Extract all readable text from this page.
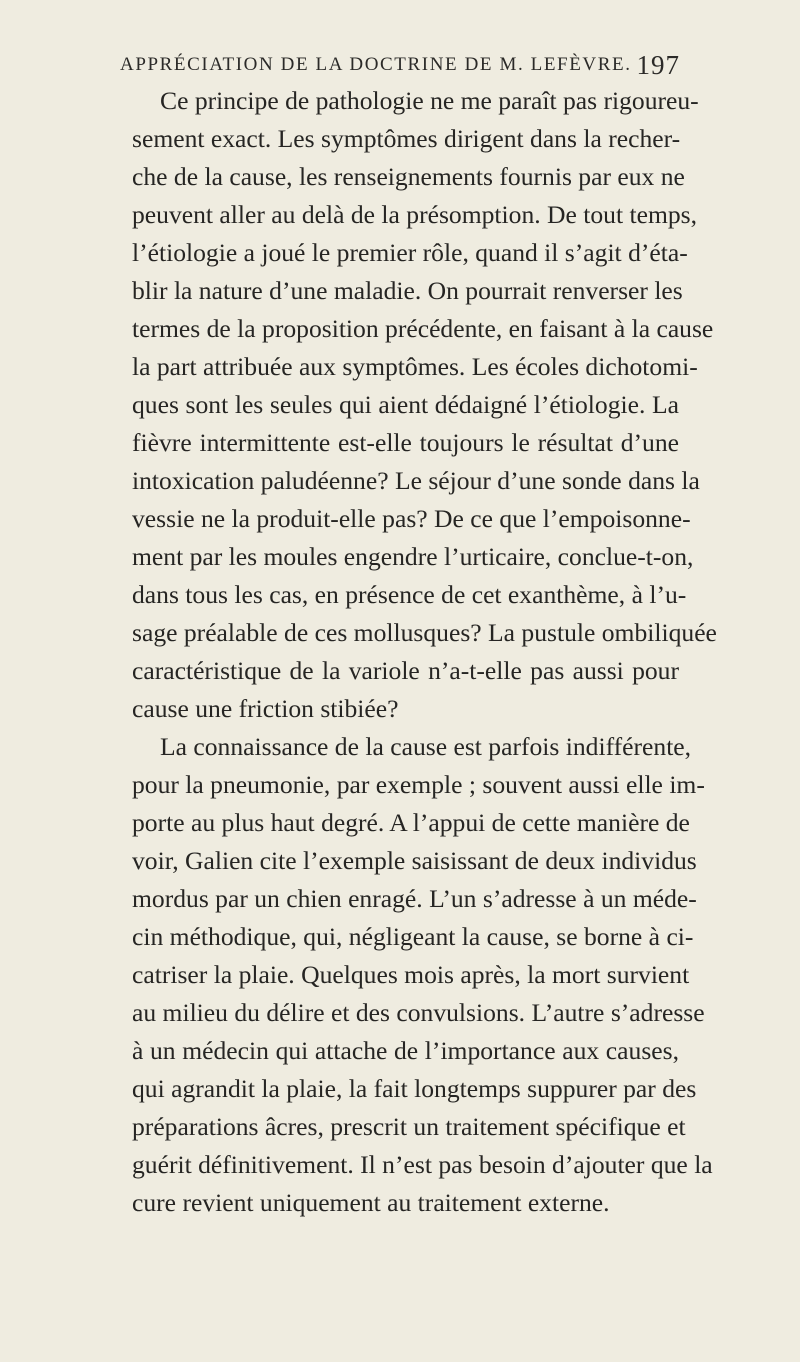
APPRÉCIATION DE LA DOCTRINE DE M. LEFÈVRE. 197
Ce principe de pathologie ne me paraît pas rigoureu-
sement exact. Les symptômes dirigent dans la recher-
che de la cause, les renseignements fournis par eux ne
peuvent aller au delà de la présomption. De tout temps,
l’étiologie a joué le premier rôle, quand il s’agit d’éta-
blir la nature d’une maladie. On pourrait renverser les
termes de la proposition précédente, en faisant à la cause
la part attribuée aux symptômes. Les écoles dichotomi-
ques sont les seules qui aient dédaigné l’étiologie. La
fièvre intermittente est-elle toujours le résultat d’une
intoxication paludéenne? Le séjour d’une sonde dans la
vessie ne la produit-elle pas? De ce que l’empoisonne-
ment par les moules engendre l’urticaire, conclue-t-on,
dans tous les cas, en présence de cet exanthème, à l’u-
sage préalable de ces mollusques? La pustule ombiliquée
caractéristique de la variole n’a-t-elle pas aussi pour
cause une friction stibiée?
La connaissance de la cause est parfois indifférente,
pour la pneumonie, par exemple ; souvent aussi elle im-
porte au plus haut degré. A l’appui de cette manière de
voir, Galien cite l’exemple saisissant de deux individus
mordus par un chien enragé. L’un s’adresse à un méde-
cin méthodique, qui, négligeant la cause, se borne à ci-
catriser la plaie. Quelques mois après, la mort survient
au milieu du délire et des convulsions. L’autre s’adresse
à un médecin qui attache de l’importance aux causes,
qui agrandit la plaie, la fait longtemps suppurer par des
préparations âcres, prescrit un traitement spécifique et
guérit définitivement. Il n’est pas besoin d’ajouter que la
cure revient uniquement au traitement externe.
